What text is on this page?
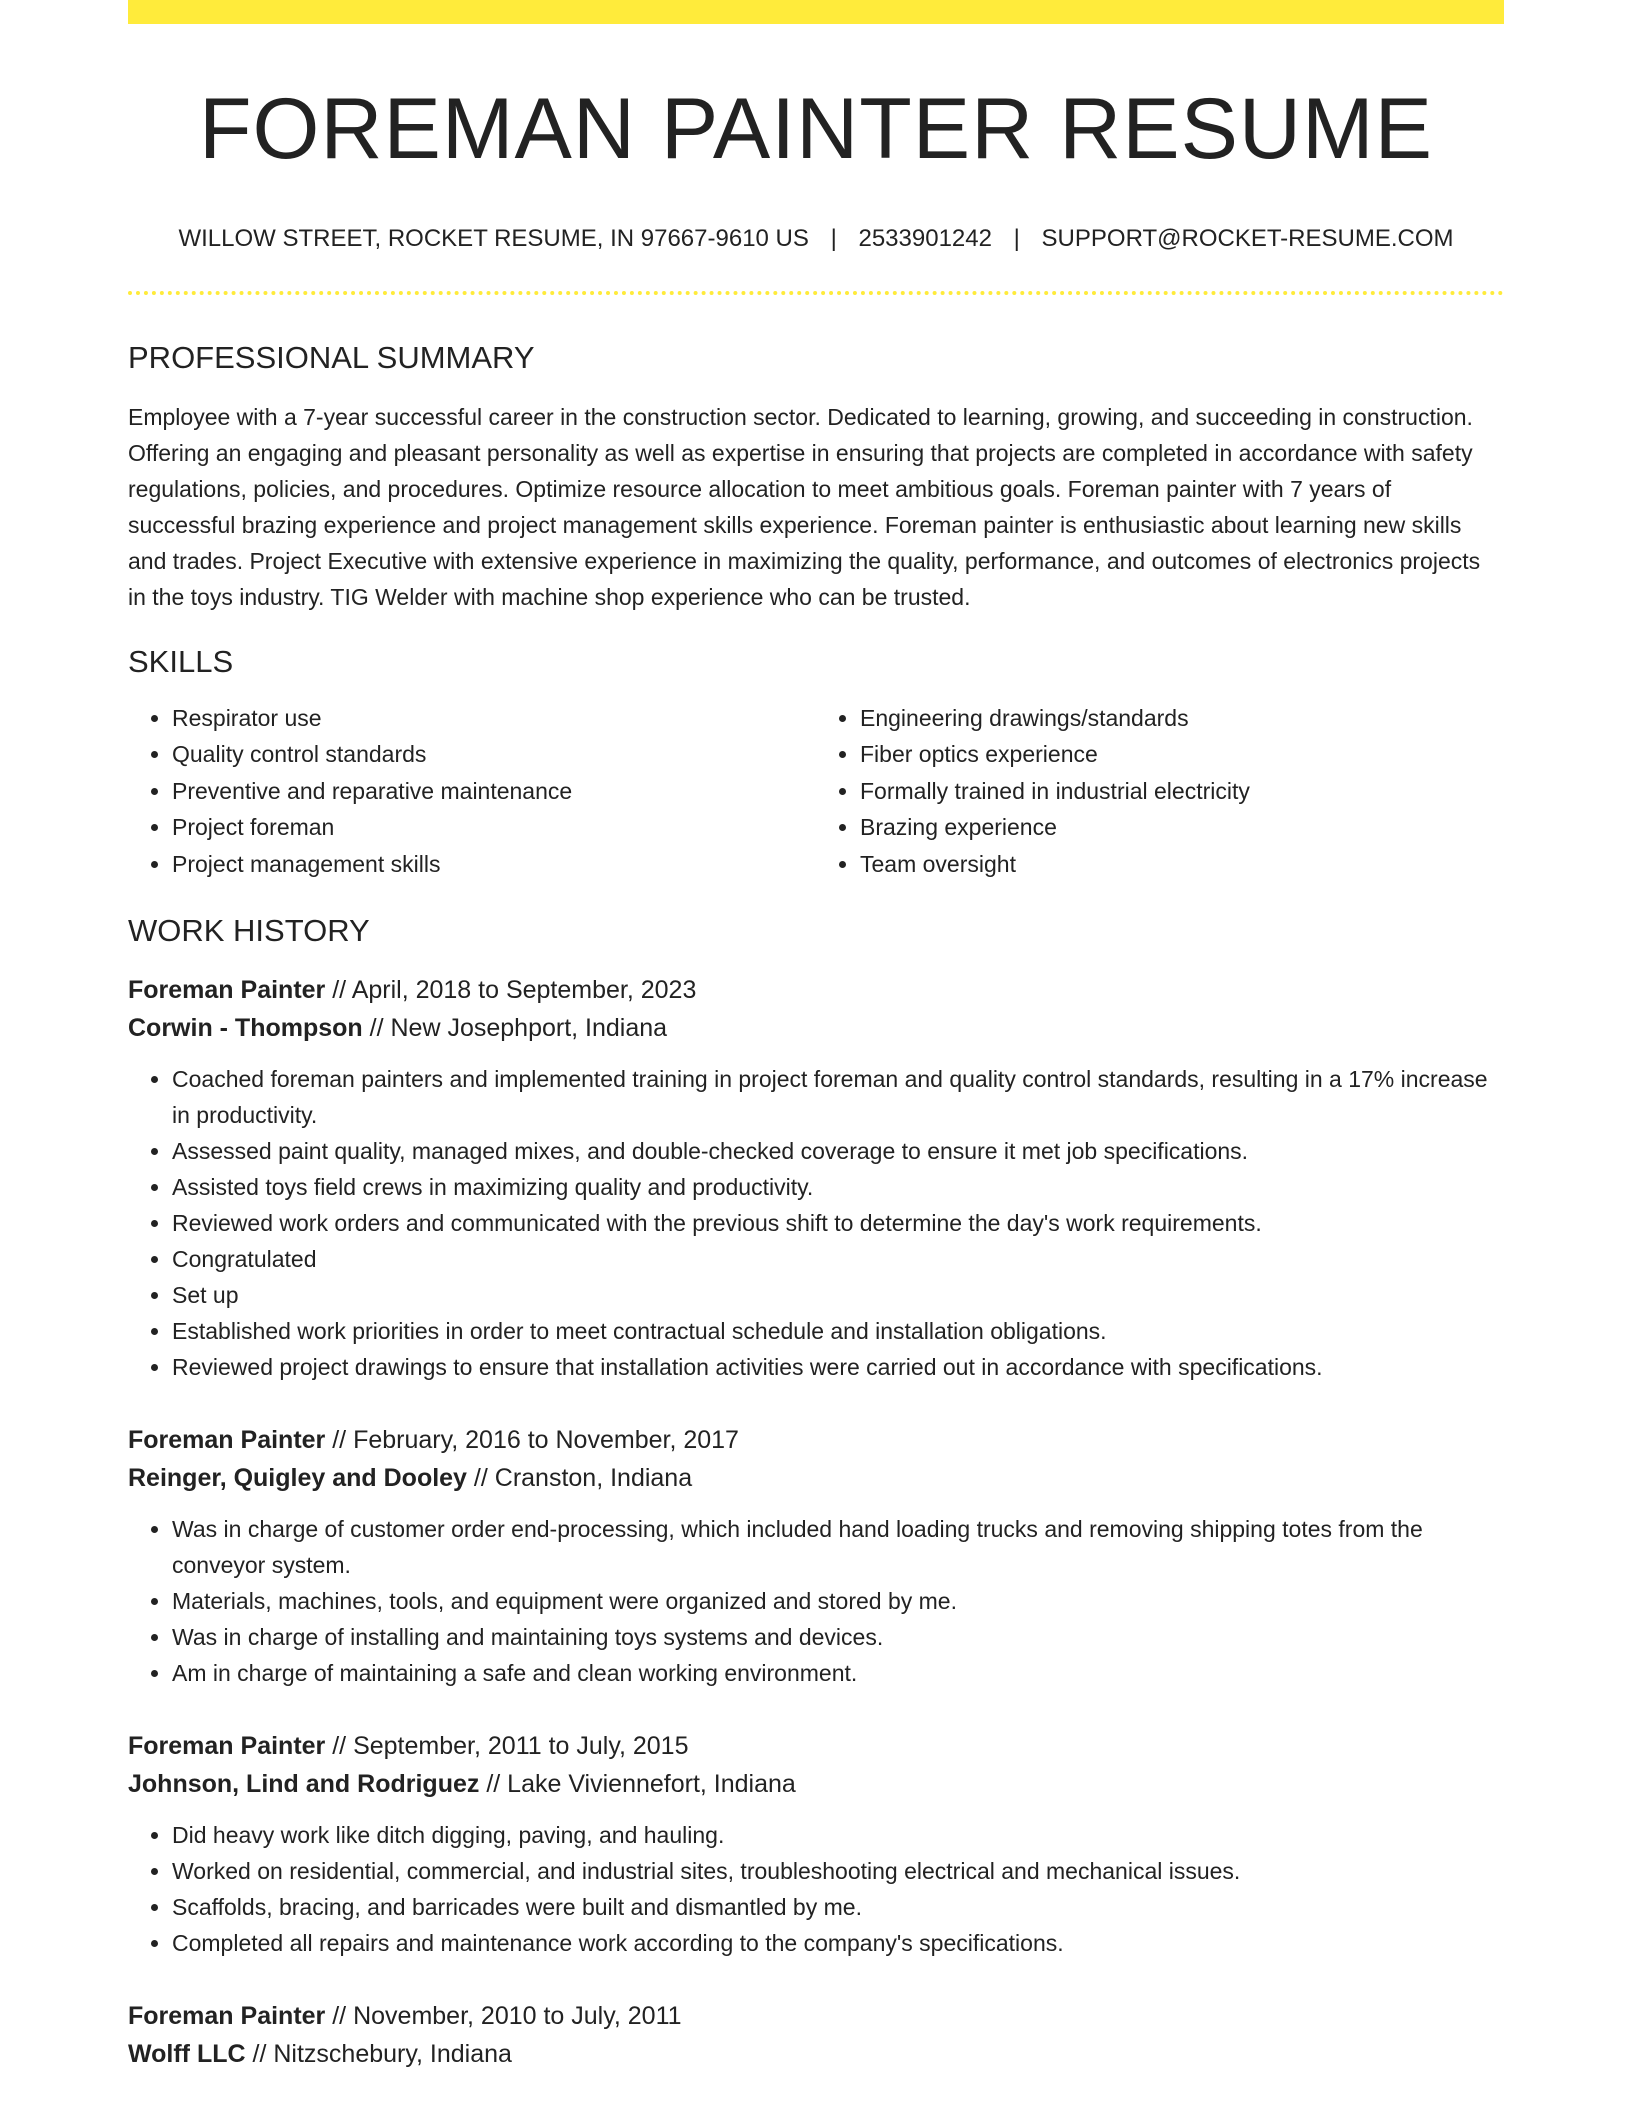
FOREMAN PAINTER RESUME
WILLOW STREET, ROCKET RESUME, IN 97667-9610 US | 2533901242 | SUPPORT@ROCKET-RESUME.COM
PROFESSIONAL SUMMARY

Employee with a 7-year successful career in the construction sector. Dedicated to learning, growing, and succeeding in construction. Offering an engaging and pleasant personality as well as expertise in ensuring that projects are completed in accordance with safety regulations, policies, and procedures. Optimize resource allocation to meet ambitious goals. Foreman painter with 7 years of successful brazing experience and project management skills experience. Foreman painter is enthusiastic about learning new skills and trades. Project Executive with extensive experience in maximizing the quality, performance, and outcomes of electronics projects in the toys industry. TIG Welder with machine shop experience who can be trusted.

SKILLS
• Respirator use
• Quality control standards
• Preventive and reparative maintenance
• Project foreman
• Project management skills
• Engineering drawings/standards
• Fiber optics experience
• Formally trained in industrial electricity
• Brazing experience
• Team oversight
WORK HISTORY
Foreman Painter // April, 2018 to September, 2023
Corwin - Thompson // New Josephport, Indiana
• Coached foreman painters and implemented training in project foreman and quality control standards, resulting in a 17% increase in productivity.
• Assessed paint quality, managed mixes, and double-checked coverage to ensure it met job specifications.
• Assisted toys field crews in maximizing quality and productivity.
• Reviewed work orders and communicated with the previous shift to determine the day's work requirements.
• Congratulated
• Set up
• Established work priorities in order to meet contractual schedule and installation obligations.
• Reviewed project drawings to ensure that installation activities were carried out in accordance with specifications.
Foreman Painter // February, 2016 to November, 2017
Reinger, Quigley and Dooley // Cranston, Indiana
• Was in charge of customer order end-processing, which included hand loading trucks and removing shipping totes from the conveyor system.
• Materials, machines, tools, and equipment were organized and stored by me.
• Was in charge of installing and maintaining toys systems and devices.
• Am in charge of maintaining a safe and clean working environment.
Foreman Painter // September, 2011 to July, 2015
Johnson, Lind and Rodriguez // Lake Viviennefort, Indiana
• Did heavy work like ditch digging, paving, and hauling.
• Worked on residential, commercial, and industrial sites, troubleshooting electrical and mechanical issues.
• Scaffolds, bracing, and barricades were built and dismantled by me.
• Completed all repairs and maintenance work according to the company's specifications.
Foreman Painter // November, 2010 to July, 2011
Wolff LLC // Nitzschebury, Indiana
